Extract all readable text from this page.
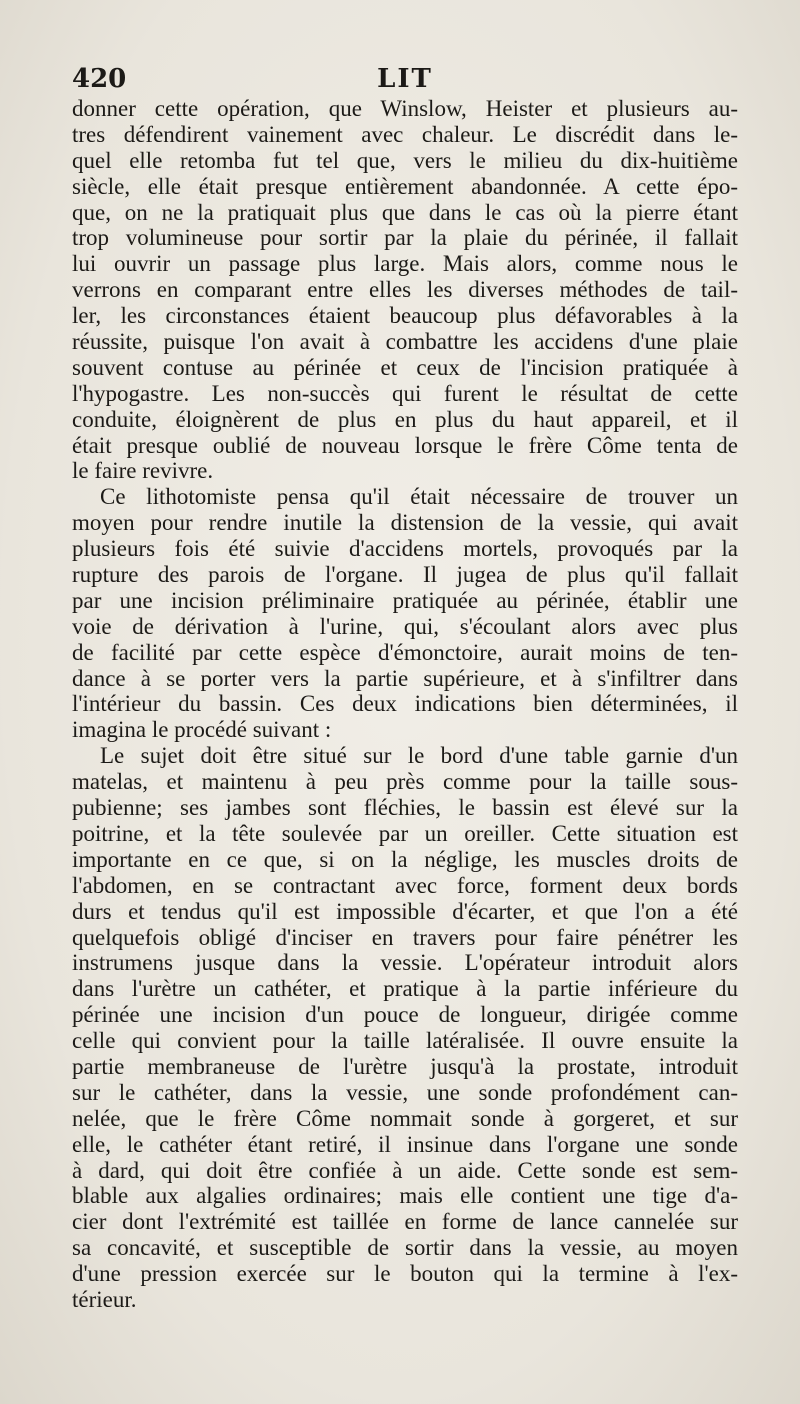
420	LIT
donner cette opération, que Winslow, Heister et plusieurs au-
tres défendirent vainement avec chaleur. Le discrédit dans le-
quel elle retomba fut tel que, vers le milieu du dix-huitième
siècle, elle était presque entièrement abandonnée. A cette épo-
que, on ne la pratiquait plus que dans le cas où la pierre étant
trop volumineuse pour sortir par la plaie du périnée, il fallait
lui ouvrir un passage plus large. Mais alors, comme nous le
verrons en comparant entre elles les diverses méthodes de tail-
ler, les circonstances étaient beaucoup plus défavorables à la
réussite, puisque l'on avait à combattre les accidens d'une plaie
souvent contuse au périnée et ceux de l'incision pratiquée à
l'hypogastre. Les non-succès qui furent le résultat de cette
conduite, éloignèrent de plus en plus du haut appareil, et il
était presque oublié de nouveau lorsque le frère Côme tenta de
le faire revivre.
Ce lithotomiste pensa qu'il était nécessaire de trouver un
moyen pour rendre inutile la distension de la vessie, qui avait
plusieurs fois été suivie d'accidens mortels, provoqués par la
rupture des parois de l'organe. Il jugea de plus qu'il fallait
par une incision préliminaire pratiquée au périnée, établir une
voie de dérivation à l'urine, qui, s'écoulant alors avec plus
de facilité par cette espèce d'émonctoire, aurait moins de ten-
dance à se porter vers la partie supérieure, et à s'infiltrer dans
l'intérieur du bassin. Ces deux indications bien déterminées, il
imagina le procédé suivant :
Le sujet doit être situé sur le bord d'une table garnie d'un
matelas, et maintenu à peu près comme pour la taille sous-
pubienne; ses jambes sont fléchies, le bassin est élevé sur la
poitrine, et la tête soulevée par un oreiller. Cette situation est
importante en ce que, si on la néglige, les muscles droits de
l'abdomen, en se contractant avec force, forment deux bords
durs et tendus qu'il est impossible d'écarter, et que l'on a été
quelquefois obligé d'inciser en travers pour faire pénétrer les
instrumens jusque dans la vessie. L'opérateur introduit alors
dans l'urètre un cathéter, et pratique à la partie inférieure du
périnée une incision d'un pouce de longueur, dirigée comme
celle qui convient pour la taille latéralisée. Il ouvre ensuite la
partie membraneuse de l'urètre jusqu'à la prostate, introduit
sur le cathéter, dans la vessie, une sonde profondément can-
nelée, que le frère Côme nommait sonde à gorgeret, et sur
elle, le cathéter étant retiré, il insinue dans l'organe une sonde
à dard, qui doit être confiée à un aide. Cette sonde est sem-
blable aux algalies ordinaires; mais elle contient une tige d'a-
cier dont l'extrémité est taillée en forme de lance cannelée sur
sa concavité, et susceptible de sortir dans la vessie, au moyen
d'une pression exercée sur le bouton qui la termine à l'ex-
térieur.
